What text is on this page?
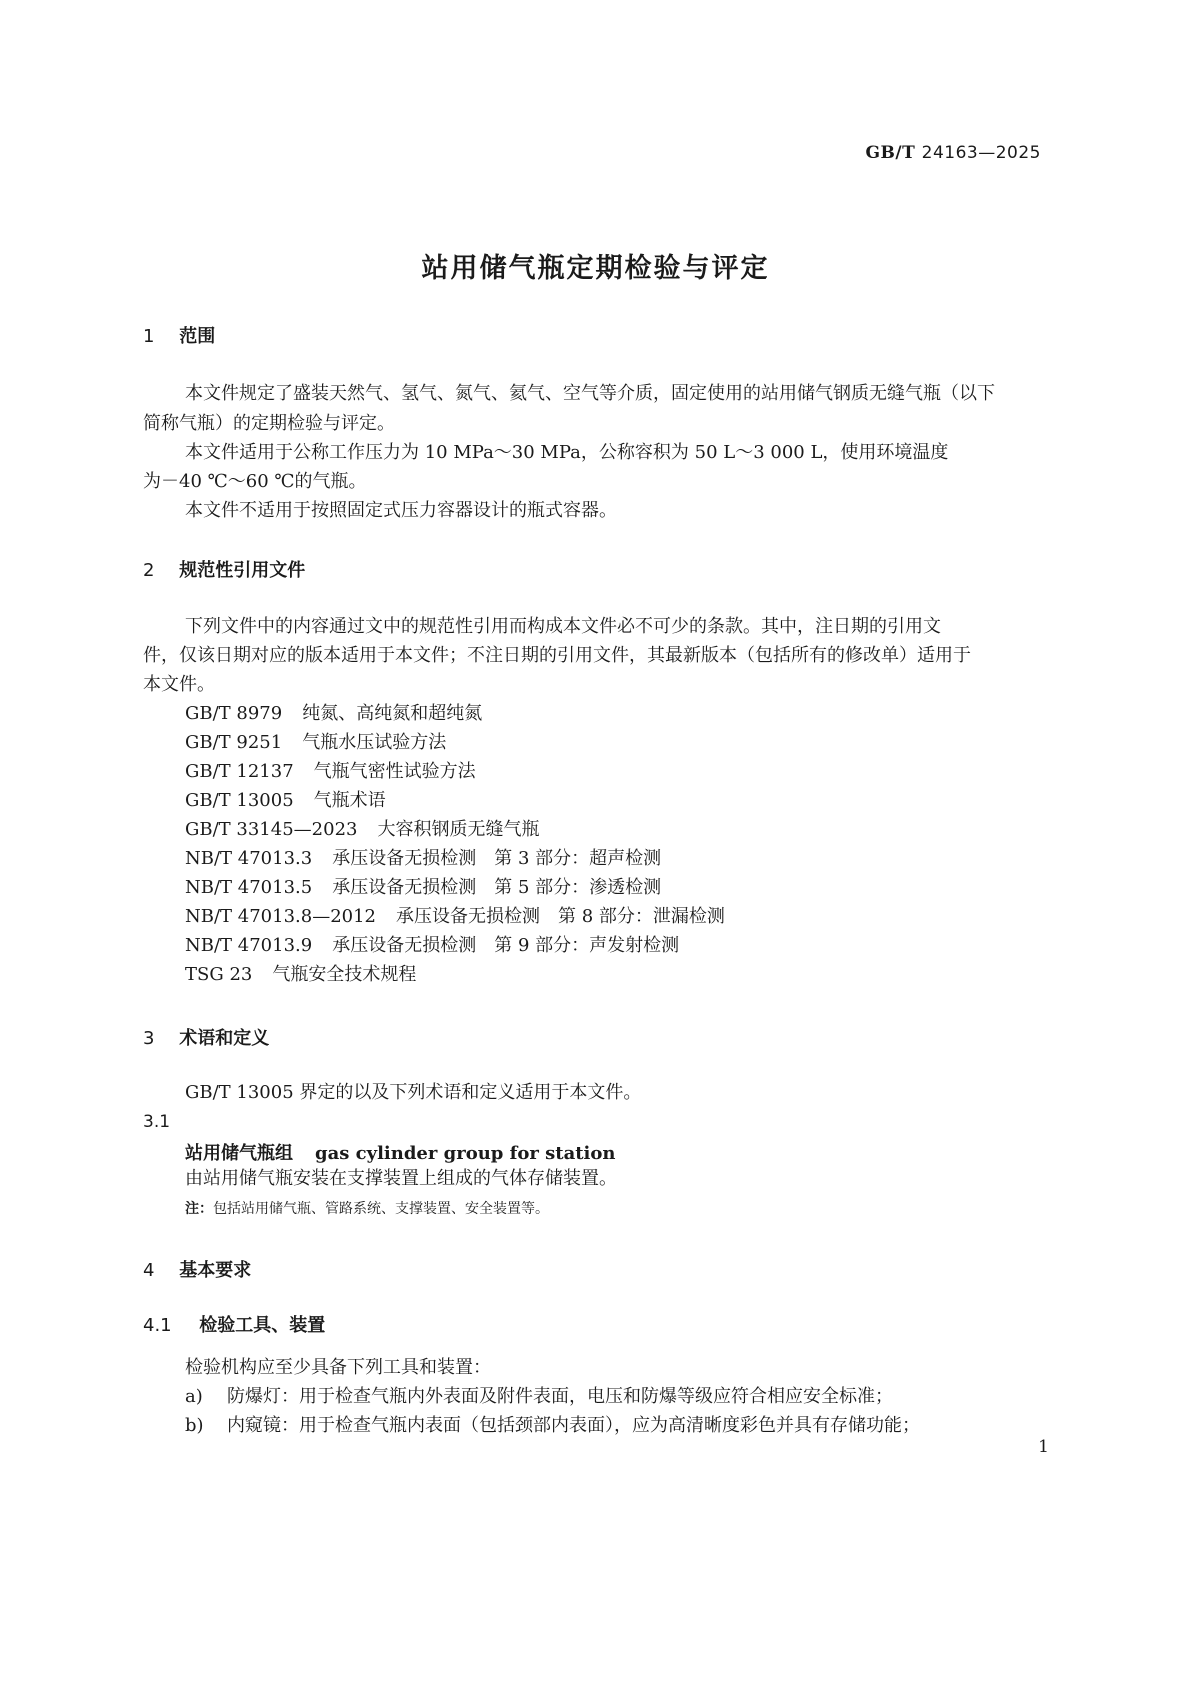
GB/T 24163—2025
站用储气瓶定期检验与评定
1 范围
本文件规定了盛装天然气、氢气、氮气、氦气、空气等介质，固定使用的站用储气钢质无缝气瓶（以下
简称气瓶）的定期检验与评定。
本文件适用于公称工作压力为 10 MPa～30 MPa，公称容积为 50 L～3 000 L，使用环境温度
为－40 ℃～60 ℃的气瓶。
本文件不适用于按照固定式压力容器设计的瓶式容器。
2 规范性引用文件
下列文件中的内容通过文中的规范性引用而构成本文件必不可少的条款。其中，注日期的引用文
件，仅该日期对应的版本适用于本文件；不注日期的引用文件，其最新版本（包括所有的修改单）适用于
本文件。
GB/T 8979 纯氮、高纯氮和超纯氮
GB/T 9251 气瓶水压试验方法
GB/T 12137 气瓶气密性试验方法
GB/T 13005 气瓶术语
GB/T 33145—2023 大容积钢质无缝气瓶
NB/T 47013.3 承压设备无损检测　第 3 部分：超声检测
NB/T 47013.5 承压设备无损检测　第 5 部分：渗透检测
NB/T 47013.8—2012 承压设备无损检测　第 8 部分：泄漏检测
NB/T 47013.9 承压设备无损检测　第 9 部分：声发射检测
TSG 23 气瓶安全技术规程
3 术语和定义
GB/T 13005 界定的以及下列术语和定义适用于本文件。
3.1
站用储气瓶组 gas cylinder group for station
由站用储气瓶安装在支撑装置上组成的气体存储装置。
注：包括站用储气瓶、管路系统、支撑装置、安全装置等。
4 基本要求
4.1 检验工具、装置
检验机构应至少具备下列工具和装置：
a) 防爆灯：用于检查气瓶内外表面及附件表面，电压和防爆等级应符合相应安全标准；
b) 内窥镜：用于检查气瓶内表面（包括颈部内表面），应为高清晰度彩色并具有存储功能；
1
